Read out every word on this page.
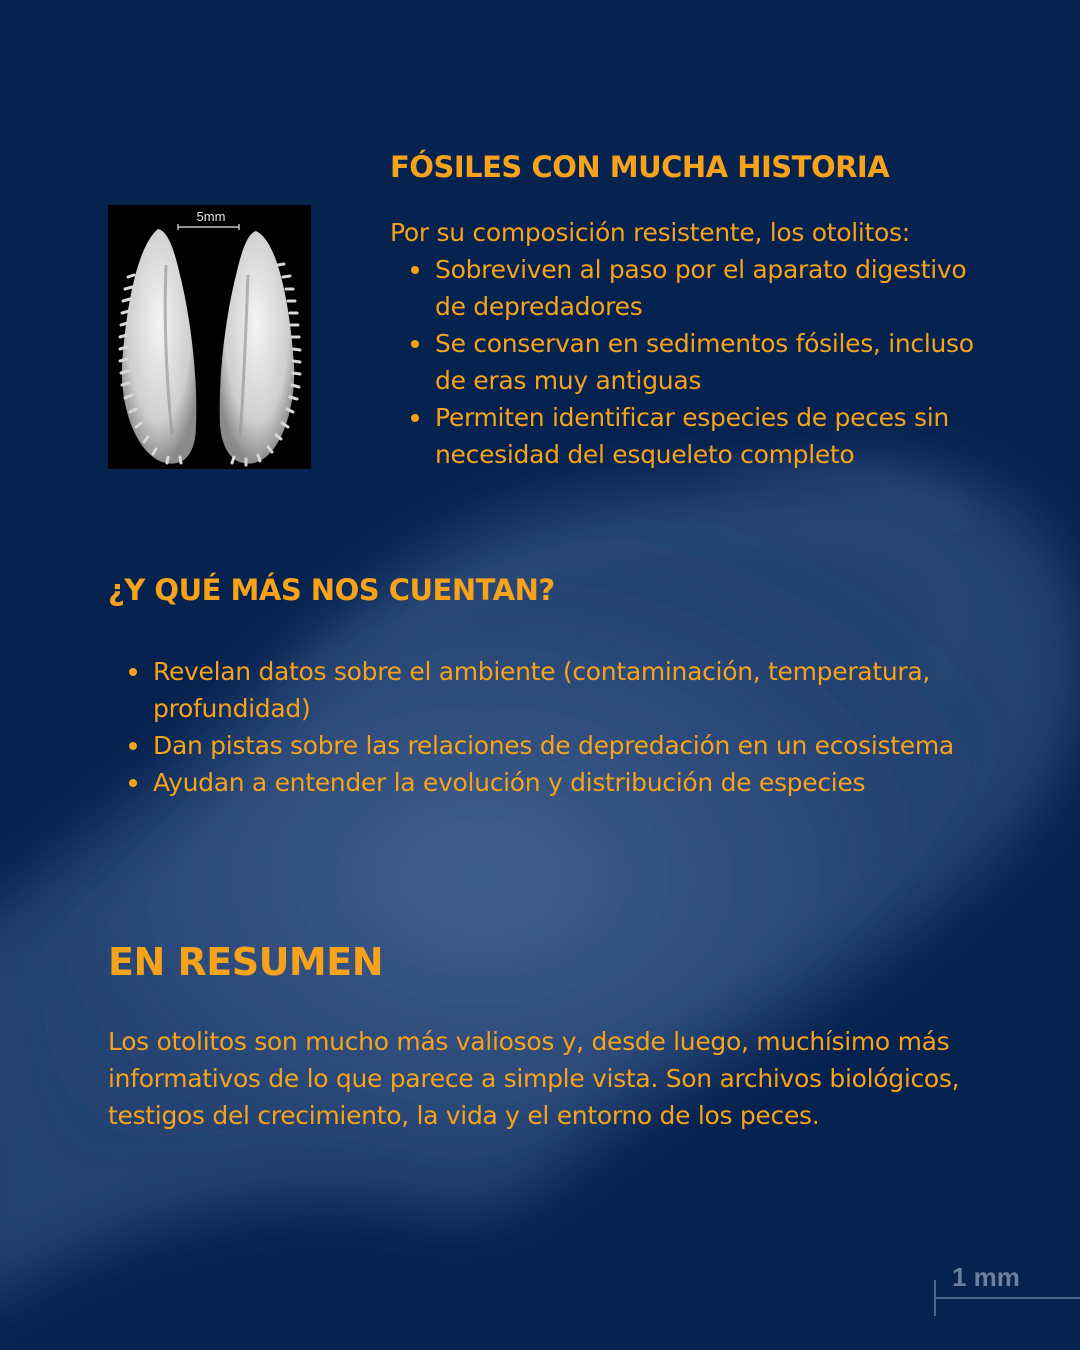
5mm
FÓSILES CON MUCHA HISTORIA

Por su composición resistente, los otolitos:

Sobreviven al paso por el aparato digestivo de depredadores
Se conservan en sedimentos fósiles, incluso de eras muy antiguas
Permiten identificar especies de peces sin necesidad del esqueleto completo
¿Y QUÉ MÁS NOS CUENTAN?
Revelan datos sobre el ambiente (contaminación, temperatura, profundidad)
Dan pistas sobre las relaciones de depredación en un ecosistema
Ayudan a entender la evolución y distribución de especies
EN RESUMEN

Los otolitos son mucho más valiosos y, desde luego, muchísimo más informativos de lo que parece a simple vista. Son archivos biológicos, testigos del crecimiento, la vida y el entorno de los peces.

1 mm
